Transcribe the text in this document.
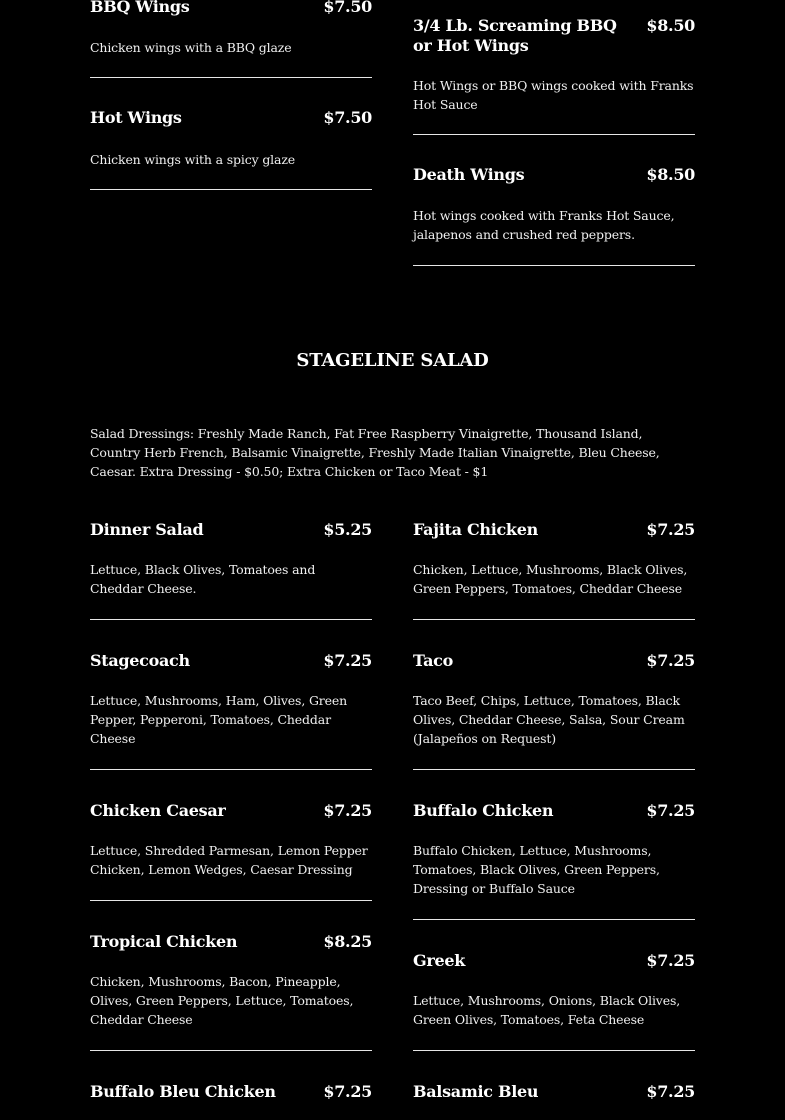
BBQ Wings	$7.50
Chicken wings with a BBQ glaze
Hot Wings	$7.50
Chicken wings with a spicy glaze
3/4 Lb. Screaming BBQ or Hot Wings
$8.50
Hot Wings or BBQ wings cooked with Franks Hot Sauce
Death Wings	$8.50
Hot wings cooked with Franks Hot Sauce, jalapenos and crushed red peppers.
STAGELINE SALAD
Salad Dressings: Freshly Made Ranch, Fat Free Raspberry Vinaigrette, Thousand Island, Country Herb French, Balsamic Vinaigrette, Freshly Made Italian Vinaigrette, Bleu Cheese, Caesar. Extra Dressing - $0.50; Extra Chicken or Taco Meat - $1
Dinner Salad	$5.25
Lettuce, Black Olives, Tomatoes and Cheddar Cheese.
Stagecoach	$7.25
Lettuce, Mushrooms, Ham, Olives, Green Pepper, Pepperoni, Tomatoes, Cheddar Cheese
Chicken Caesar	$7.25
Lettuce, Shredded Parmesan, Lemon Pepper Chicken, Lemon Wedges, Caesar Dressing
Tropical Chicken	$8.25
Chicken, Mushrooms, Bacon, Pineapple, Olives, Green Peppers, Lettuce, Tomatoes, Cheddar Cheese
Buffalo Bleu Chicken	$7.25
Fajita Chicken	$7.25
Chicken, Lettuce, Mushrooms, Black Olives, Green Peppers, Tomatoes, Cheddar Cheese
Taco	$7.25
Taco Beef, Chips, Lettuce, Tomatoes, Black Olives, Cheddar Cheese, Salsa, Sour Cream (Jalapeños on Request)
Buffalo Chicken	$7.25
Buffalo Chicken, Lettuce, Mushrooms, Tomatoes, Black Olives, Green Peppers, Dressing or Buffalo Sauce
Greek	$7.25
Lettuce, Mushrooms, Onions, Black Olives, Green Olives, Tomatoes, Feta Cheese
Balsamic Bleu	$7.25
